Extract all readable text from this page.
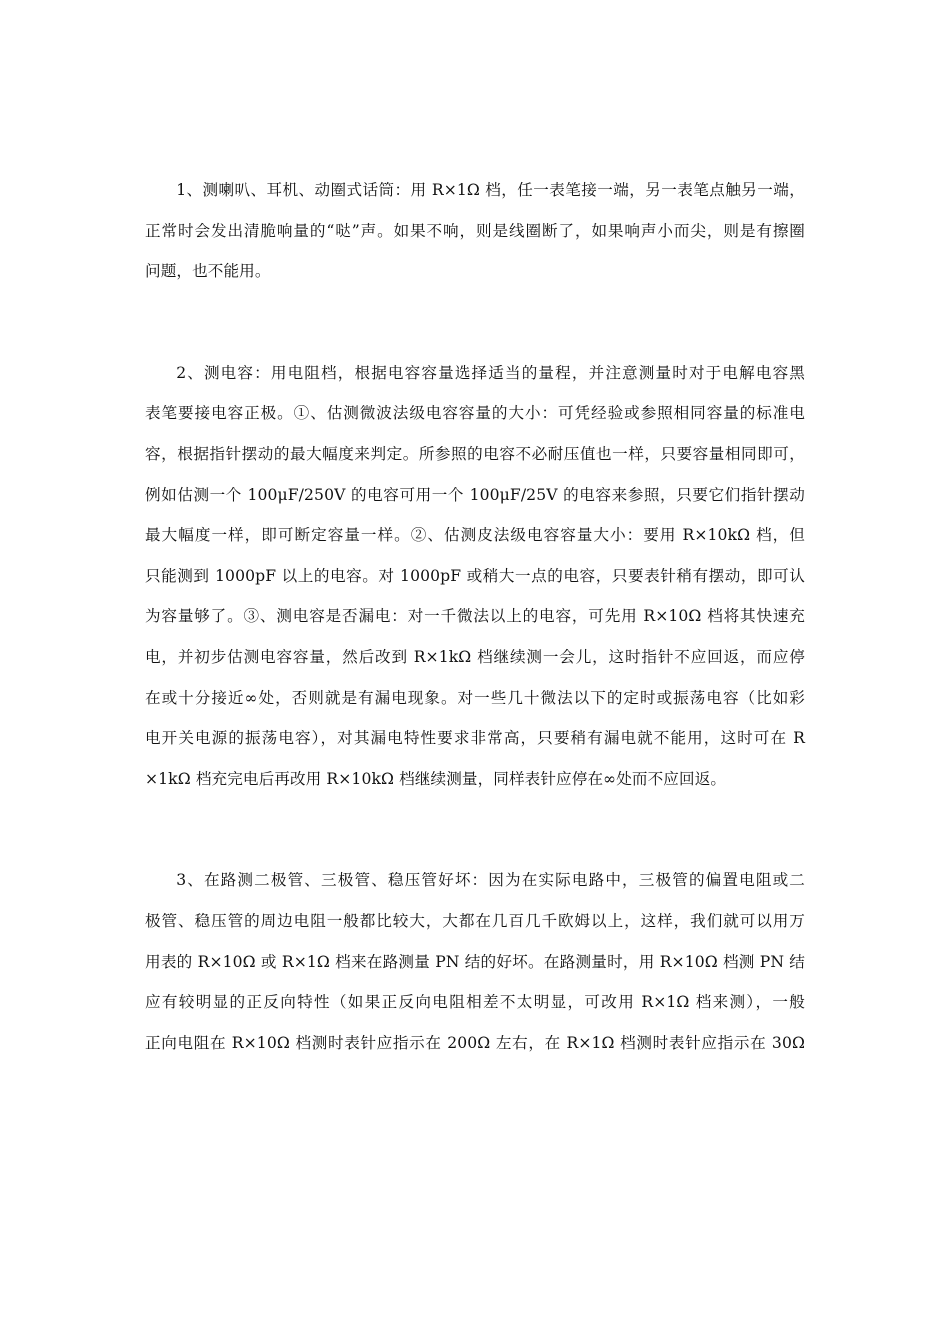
1、测喇叭、耳机、动圈式话筒：用 R×1Ω 档，任一表笔接一端，另一表笔点触另一端，
正常时会发出清脆响量的“哒”声。如果不响，则是线圈断了，如果响声小而尖，则是有擦圈
问题，也不能用。
2、测电容：用电阻档，根据电容容量选择适当的量程，并注意测量时对于电解电容黑
表笔要接电容正极。①、估测微波法级电容容量的大小：可凭经验或参照相同容量的标准电
容，根据指针摆动的最大幅度来判定。所参照的电容不必耐压值也一样，只要容量相同即可，
例如估测一个 100μF/250V 的电容可用一个 100μF/25V 的电容来参照，只要它们指针摆动
最大幅度一样，即可断定容量一样。②、估测皮法级电容容量大小：要用 R×10kΩ 档，但
只能测到 1000pF 以上的电容。对 1000pF 或稍大一点的电容，只要表针稍有摆动，即可认
为容量够了。③、测电容是否漏电：对一千微法以上的电容，可先用 R×10Ω 档将其快速充
电，并初步估测电容容量，然后改到 R×1kΩ 档继续测一会儿，这时指针不应回返，而应停
在或十分接近∞处，否则就是有漏电现象。对一些几十微法以下的定时或振荡电容（比如彩
电开关电源的振荡电容），对其漏电特性要求非常高，只要稍有漏电就不能用，这时可在 R
×1kΩ 档充完电后再改用 R×10kΩ 档继续测量，同样表针应停在∞处而不应回返。
3、在路测二极管、三极管、稳压管好坏：因为在实际电路中，三极管的偏置电阻或二
极管、稳压管的周边电阻一般都比较大，大都在几百几千欧姆以上，这样，我们就可以用万
用表的 R×10Ω 或 R×1Ω 档来在路测量 PN 结的好坏。在路测量时，用 R×10Ω 档测 PN 结
应有较明显的正反向特性（如果正反向电阻相差不太明显，可改用 R×1Ω 档来测），一般
正向电阻在 R×10Ω 档测时表针应指示在 200Ω 左右，在 R×1Ω 档测时表针应指示在 30Ω
